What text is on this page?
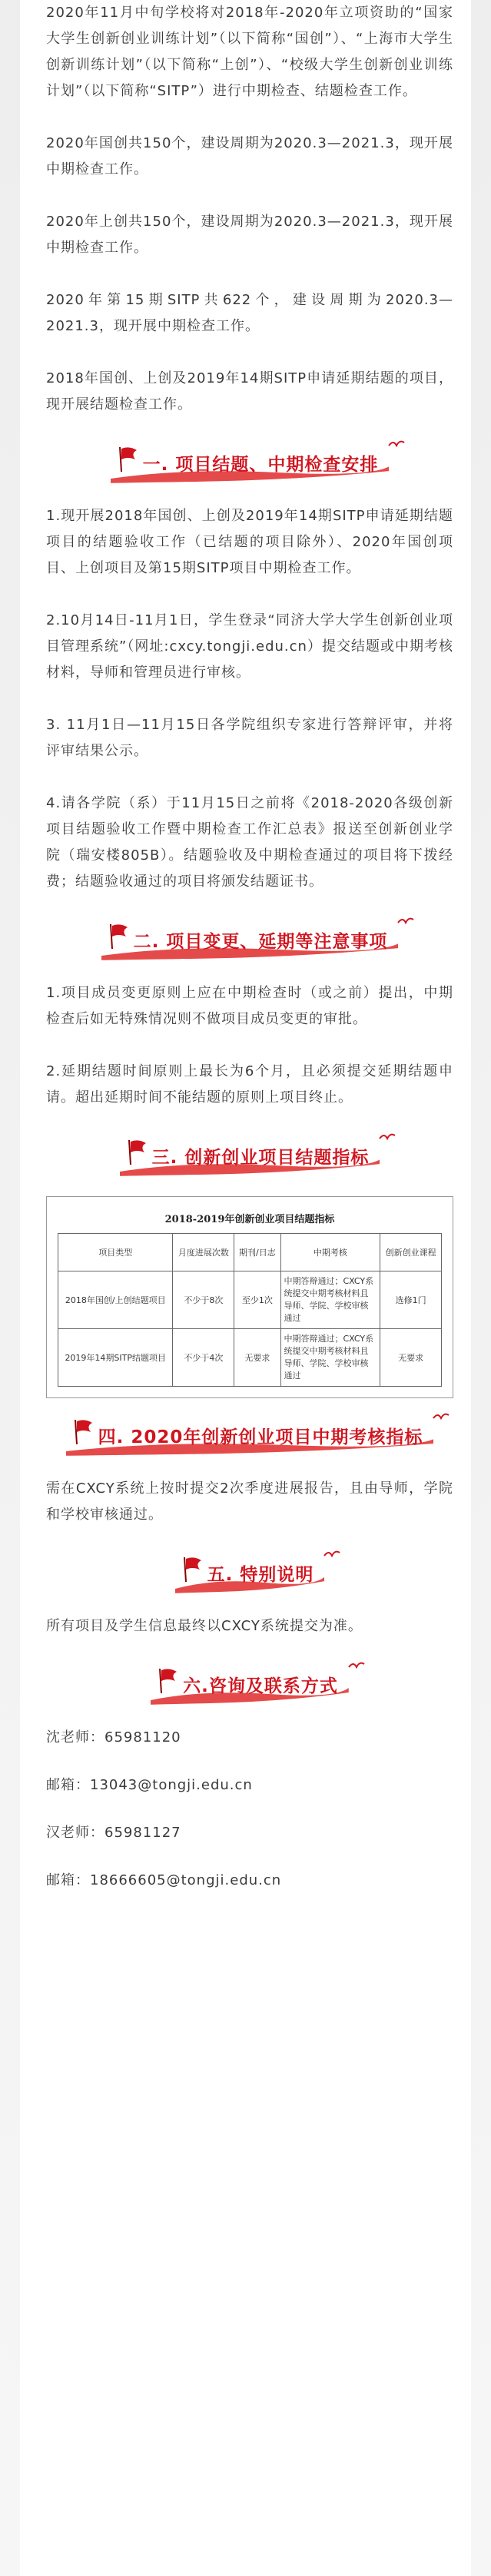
2020年11月中旬学校将对2018年-2020年立项资助的“国家大学生创新创业训练计划”（以下简称“国创”）、“上海市大学生创新训练计划”（以下简称“上创”）、“校级大学生创新创业训练计划”（以下简称“SITP”）进行中期检查、结题检查工作。

2020年国创共150个，建设周期为2020.3—2021.3，现开展中期检查工作。

2020年上创共150个，建设周期为2020.3—2021.3，现开展中期检查工作。

2020年第15期SITP共622个，建设周期为2020.3—2021.3，现开展中期检查工作。

2018年国创、上创及2019年14期SITP申请延期结题的项目，现开展结题检查工作。

一. 项目结题、中期检查安排

1.现开展2018年国创、上创及2019年14期SITP申请延期结题项目的结题验收工作（已结题的项目除外）、2020年国创项目、上创项目及第15期SITP项目中期检查工作。

2.10月14日-11月1日，学生登录“同济大学大学生创新创业项目管理系统”（网址:cxcy.tongji.edu.cn）提交结题或中期考核材料，导师和管理员进行审核。

3. 11月1日—11月15日各学院组织专家进行答辩评审，并将评审结果公示。

4.请各学院（系）于11月15日之前将《2018-2020各级创新项目结题验收工作暨中期检查工作汇总表》报送至创新创业学院（瑞安楼805B）。结题验收及中期检查通过的项目将下拨经费；结题验收通过的项目将颁发结题证书。

二. 项目变更、延期等注意事项

1.项目成员变更原则上应在中期检查时（或之前）提出，中期检查后如无特殊情况则不做项目成员变更的审批。

2.延期结题时间原则上最长为6个月，且必须提交延期结题申请。超出延期时间不能结题的原则上项目终止。

三. 创新创业项目结题指标
2018-2019年创新创业项目结题指标
项目类型	月度进展次数	期刊/日志	中期考核	创新创业课程
2018年国创/上创结题项目	不少于8次	至少1次	中期答辩通过；CXCY系统提交中期考核材料且导师、学院、学校审核通过	选修1门
2019年14期SITP结题项目	不少于4次	无要求	中期答辩通过；CXCY系统提交中期考核材料且导师、学院、学校审核通过	无要求
四. 2020年创新创业项目中期考核指标

需在CXCY系统上按时提交2次季度进展报告，且由导师，学院和学校审核通过。

五. 特别说明

所有项目及学生信息最终以CXCY系统提交为准。

六.咨询及联系方式

沈老师：65981120

邮箱：13043@tongji.edu.cn

汉老师：65981127

邮箱：18666605@tongji.edu.cn
